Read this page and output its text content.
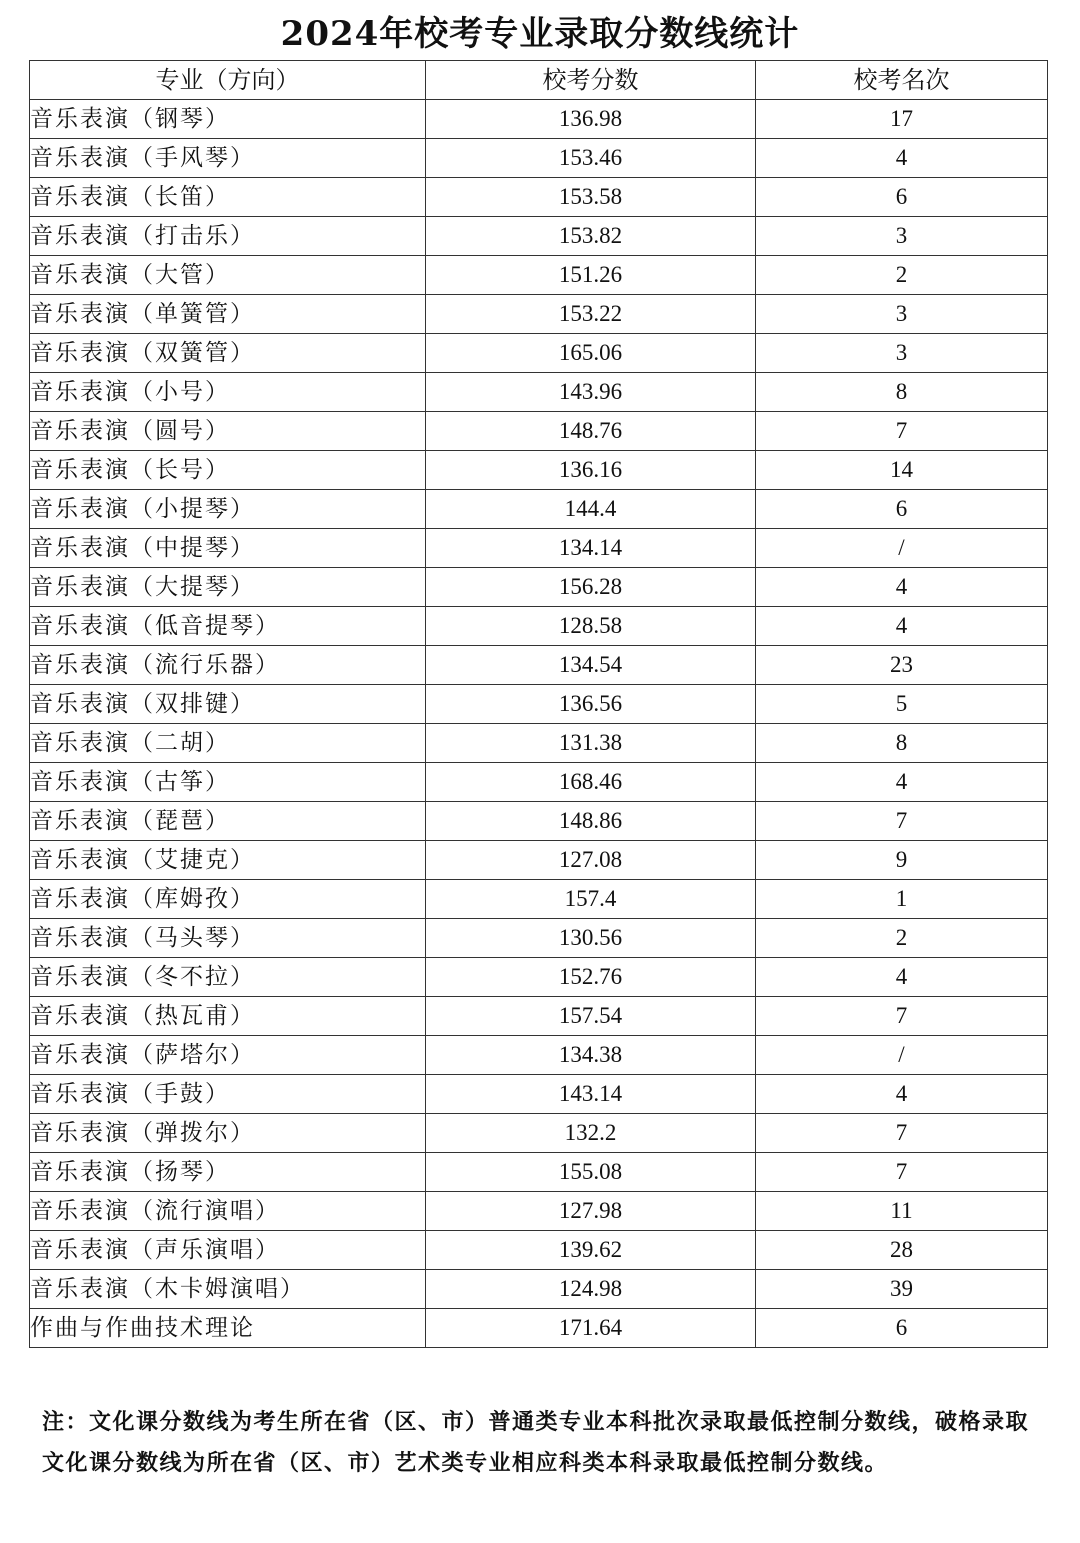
2024年校考专业录取分数线统计
专业（方向）	校考分数	校考名次
音乐表演（钢琴）	136.98	17
音乐表演（手风琴）	153.46	4
音乐表演（长笛）	153.58	6
音乐表演（打击乐）	153.82	3
音乐表演（大管）	151.26	2
音乐表演（单簧管）	153.22	3
音乐表演（双簧管）	165.06	3
音乐表演（小号）	143.96	8
音乐表演（圆号）	148.76	7
音乐表演（长号）	136.16	14
音乐表演（小提琴）	144.4	6
音乐表演（中提琴）	134.14	/
音乐表演（大提琴）	156.28	4
音乐表演（低音提琴）	128.58	4
音乐表演（流行乐器）	134.54	23
音乐表演（双排键）	136.56	5
音乐表演（二胡）	131.38	8
音乐表演（古筝）	168.46	4
音乐表演（琵琶）	148.86	7
音乐表演（艾捷克）	127.08	9
音乐表演（库姆孜）	157.4	1
音乐表演（马头琴）	130.56	2
音乐表演（冬不拉）	152.76	4
音乐表演（热瓦甫）	157.54	7
音乐表演（萨塔尔）	134.38	/
音乐表演（手鼓）	143.14	4
音乐表演（弹拨尔）	132.2	7
音乐表演（扬琴）	155.08	7
音乐表演（流行演唱）	127.98	11
音乐表演（声乐演唱）	139.62	28
音乐表演（木卡姆演唱）	124.98	39
作曲与作曲技术理论	171.64	6
注：文化课分数线为考生所在省（区、市）普通类专业本科批次录取最低控制分数线，破格录取文化课分数线为所在省（区、市）艺术类专业相应科类本科录取最低控制分数线。
